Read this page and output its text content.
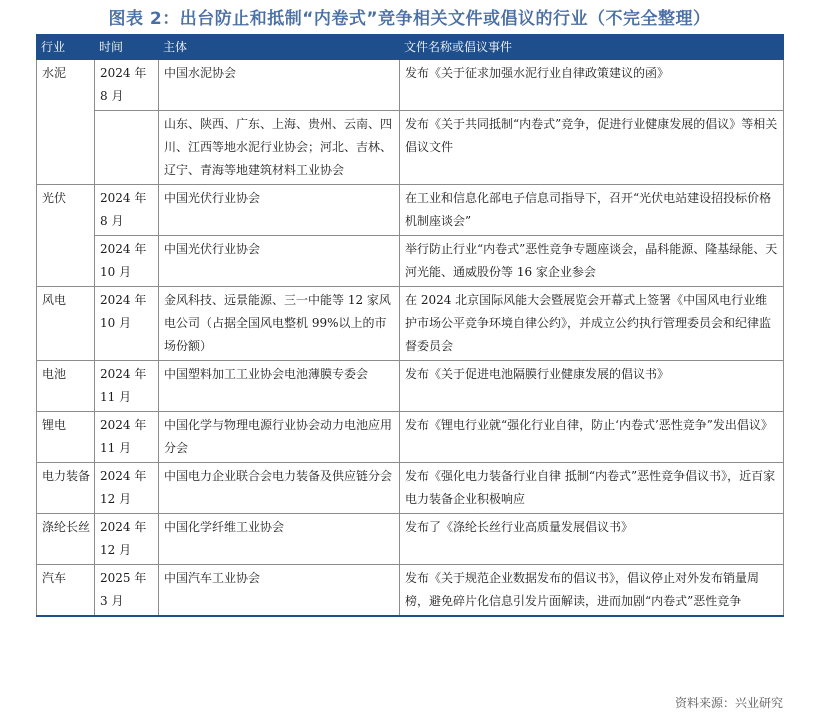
图表 2：出台防止和抵制“内卷式”竞争相关文件或倡议的行业（不完全整理）
行业	时间	主体	文件名称或倡议事件
水泥	2024 年 8 月	中国水泥协会	发布《关于征求加强水泥行业自律政策建议的函》
		山东、陕西、广东、上海、贵州、云南、四川、江西等地水泥行业协会；河北、吉林、辽宁、青海等地建筑材料工业协会	发布《关于共同抵制“内卷式”竞争，促进行业健康发展的倡议》等相关倡议文件
光伏	2024 年 8 月	中国光伏行业协会	在工业和信息化部电子信息司指导下，召开“光伏电站建设招投标价格机制座谈会”
	2024 年 10 月	中国光伏行业协会	举行防止行业“内卷式”恶性竞争专题座谈会，晶科能源、隆基绿能、天河光能、通威股份等 16 家企业参会
风电	2024 年 10 月	金风科技、远景能源、三一中能等 12 家风电公司（占据全国风电整机 99%以上的市场份额）	在 2024 北京国际风能大会暨展览会开幕式上签署《中国风电行业维护市场公平竞争环境自律公约》，并成立公约执行管理委员会和纪律监督委员会
电池	2024 年 11 月	中国塑料加工工业协会电池薄膜专委会	发布《关于促进电池隔膜行业健康发展的倡议书》
锂电	2024 年 11 月	中国化学与物理电源行业协会动力电池应用分会	发布《锂电行业就“强化行业自律，防止‘内卷式’恶性竞争”发出倡议》
电力装备	2024 年 12 月	中国电力企业联合会电力装备及供应链分会	发布《强化电力装备行业自律 抵制“内卷式”恶性竞争倡议书》，近百家电力装备企业积极响应
涤纶长丝	2024 年 12 月	中国化学纤维工业协会	发布了《涤纶长丝行业高质量发展倡议书》
汽车	2025 年 3 月	中国汽车工业协会	发布《关于规范企业数据发布的倡议书》，倡议停止对外发布销量周榜，避免碎片化信息引发片面解读，进而加剧“内卷式”恶性竞争
资料来源：兴业研究
